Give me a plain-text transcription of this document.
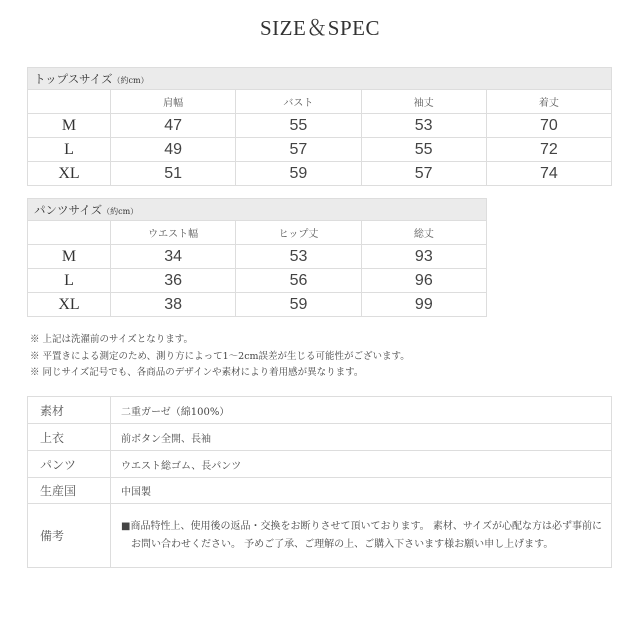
SIZE＆SPEC
トップスサイズ（約cm）				
	肩幅	バスト	袖丈	着丈
M	47	55	53	70
L	49	57	55	72
XL	51	59	57	74
パンツサイズ（約cm）			
	ウエスト幅	ヒップ丈	総丈
M	34	53	93
L	36	56	96
XL	38	59	99
※ 上記は洗濯前のサイズとなります。
※ 平置きによる測定のため、測り方によって1〜2cm誤差が生じる可能性がございます。
※ 同じサイズ記号でも、各商品のデザインや素材により着用感が異なります。
素材	二重ガーゼ（綿100%）
上衣	前ボタン全開、長袖
パンツ	ウエスト総ゴム、長パンツ
生産国	中国製
備考	■商品特性上、使用後の返品・交換をお断りさせて頂いております。 素材、サイズが心配な方は必ず事前にお問い合わせください。 予めご了承、ご理解の上、ご購入下さいます様お願い申し上げます。
